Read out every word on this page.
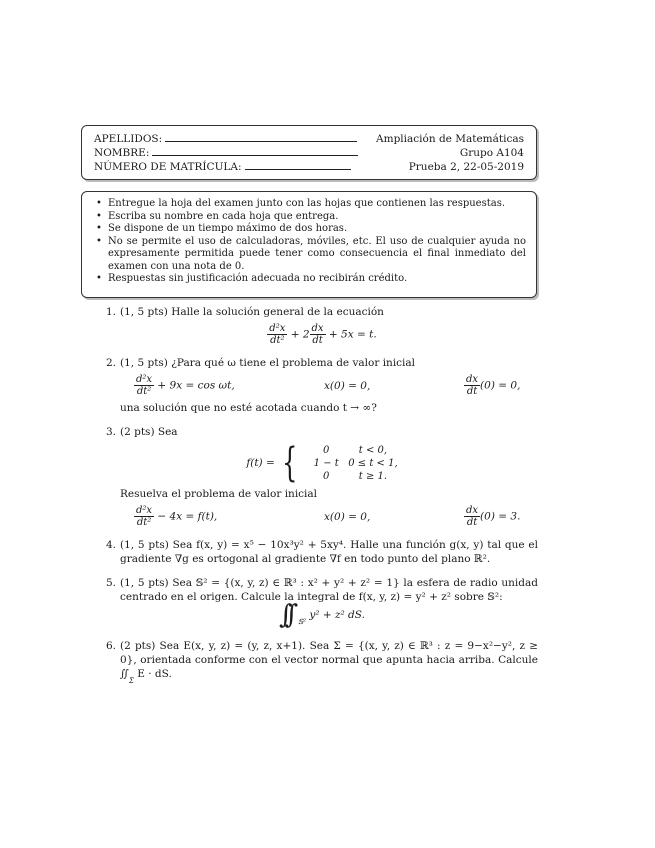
APELLIDOS:	Ampliación de Matemáticas
NOMBRE:	Grupo A104
NÚMERO DE MATRÍCULA:	Prueba 2, 22-05-2019
• Entregue la hoja del examen junto con las hojas que contienen las respuestas.
• Escriba su nombre en cada hoja que entrega.
• Se dispone de un tiempo máximo de dos horas.
• No se permite el uso de calculadoras, móviles, etc. El uso de cualquier ayuda no expresamente permitida puede tener como consecuencia el final inmediato del examen con una nota de 0.
• Respuestas sin justificación adecuada no recibirán crédito.
1. (1, 5 pts) Halle la solución general de la ecuación
$\frac{\text{d²x}}{\text{dt²}} + 2 \frac{dx}{dt} + 5x = t$.
2. (1, 5 pts) ¿Para qué ω tiene el problema de valor inicial
$\frac{\text{d²x}}{\text{dt²}} + 9x = \cos \omega t$,	x(0) = 0,	$\frac{dx}{dt} (0) = 0$,
una solución que no esté acotada cuando t → ∞?
3. (2 pts) Sea
f(t) = {	0	t < 0,
1 − t 0 ≤ t < 1,
0	t ≥ 1.
Resuelva el problema de valor inicial
$\frac{\text{d²x}}{\text{dt²}} - 4x = f(t)$,	x(0) = 0,	$\frac{dx}{dt} (0) = 3$.
4. (1, 5 pts) Sea f(x, y) = x⁵ − 10x³y² + 5xy⁴. Halle una función g(x, y) tal que el gradiente ∇g es ortogonal al gradiente ∇f en todo punto del plano ℝ².
5. (1, 5 pts) Sea 𝕊² = {(x, y, z) ∈ ℝ³ : x² + y² + z² = 1} la esfera de radio unidad centrado en el origen. Calcule la integral de f(x, y, z) = y² + z² sobre 𝕊²:
∫∫ $_{𝕊^2}$ y² + z² dS.
6. (2 pts) Sea E(x, y, z) = (y, z, x+1). Sea Σ = {(x, y, z) ∈ ℝ³ : z = 9−x²−y², z ≥ 0}, orientada conforme con el vector normal que apunta hacia arriba. Calcule $∬_\Sigma$ E · dS.
